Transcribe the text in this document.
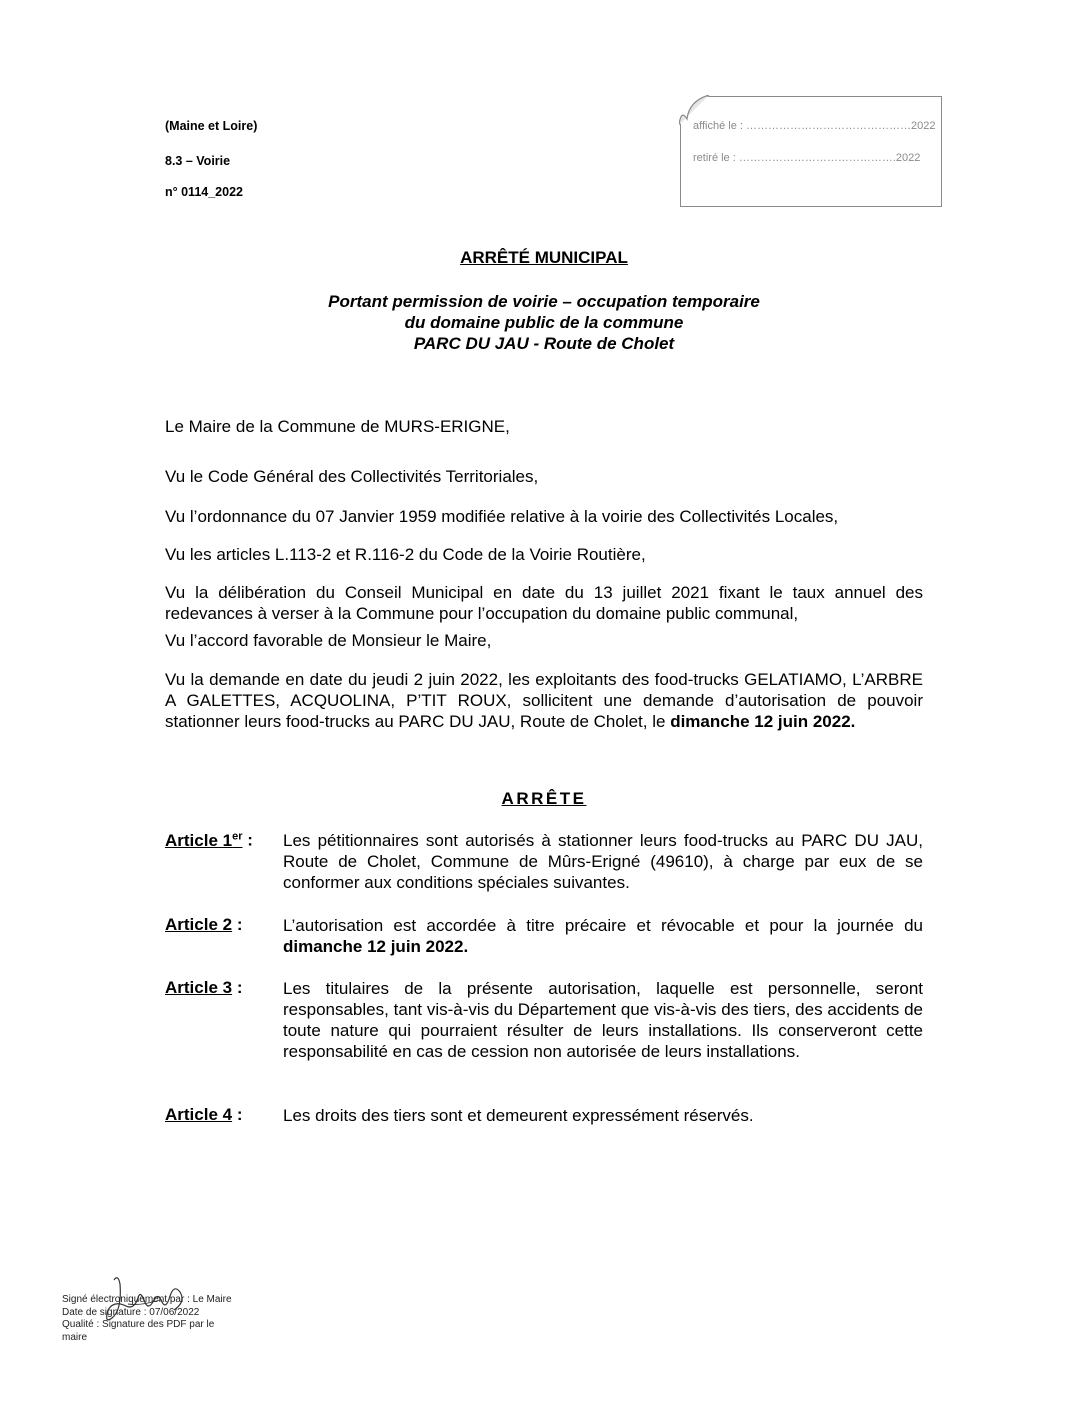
(Maine et Loire)
8.3 – Voirie
n° 0114_2022
affiché le : ………………………………………2022
retiré le : …………………………………….2022
ARRÊTÉ MUNICIPAL
Portant permission de voirie – occupation temporaire
du domaine public de la commune
PARC DU JAU - Route de Cholet
Le Maire de la Commune de MURS-ERIGNE,
Vu le Code Général des Collectivités Territoriales,
Vu l’ordonnance du 07 Janvier 1959 modifiée relative à la voirie des Collectivités Locales,
Vu les articles L.113-2 et R.116-2 du Code de la Voirie Routière,
Vu la délibération du Conseil Municipal en date du 13 juillet 2021 fixant le taux annuel des redevances à verser à la Commune pour l’occupation du domaine public communal,
Vu l’accord favorable de Monsieur le Maire,
Vu la demande en date du jeudi 2 juin 2022, les exploitants des food-trucks GELATIAMO, L’ARBRE A GALETTES, ACQUOLINA, P’TIT ROUX, sollicitent une demande d’autorisation de pouvoir stationner leurs food-trucks au PARC DU JAU, Route de Cholet, le dimanche 12 juin 2022.
ARRÊTE
Article 1er :	Les pétitionnaires sont autorisés à stationner leurs food-trucks au PARC DU JAU, Route de Cholet, Commune de Mûrs-Erigné (49610), à charge par eux de se conformer aux conditions spéciales suivantes.
Article 2 :	L’autorisation est accordée à titre précaire et révocable et pour la journée du dimanche 12 juin 2022.
Article 3 :	Les titulaires de la présente autorisation, laquelle est personnelle, seront responsables, tant vis-à-vis du Département que vis-à-vis des tiers, des accidents de toute nature qui pourraient résulter de leurs installations. Ils conserveront cette responsabilité en cas de cession non autorisée de leurs installations.
Article 4 :	Les droits des tiers sont et demeurent expressément réservés.
Signé électroniquement par : Le Maire
Date de signature : 07/06/2022
Qualité : Signature des PDF par le maire
